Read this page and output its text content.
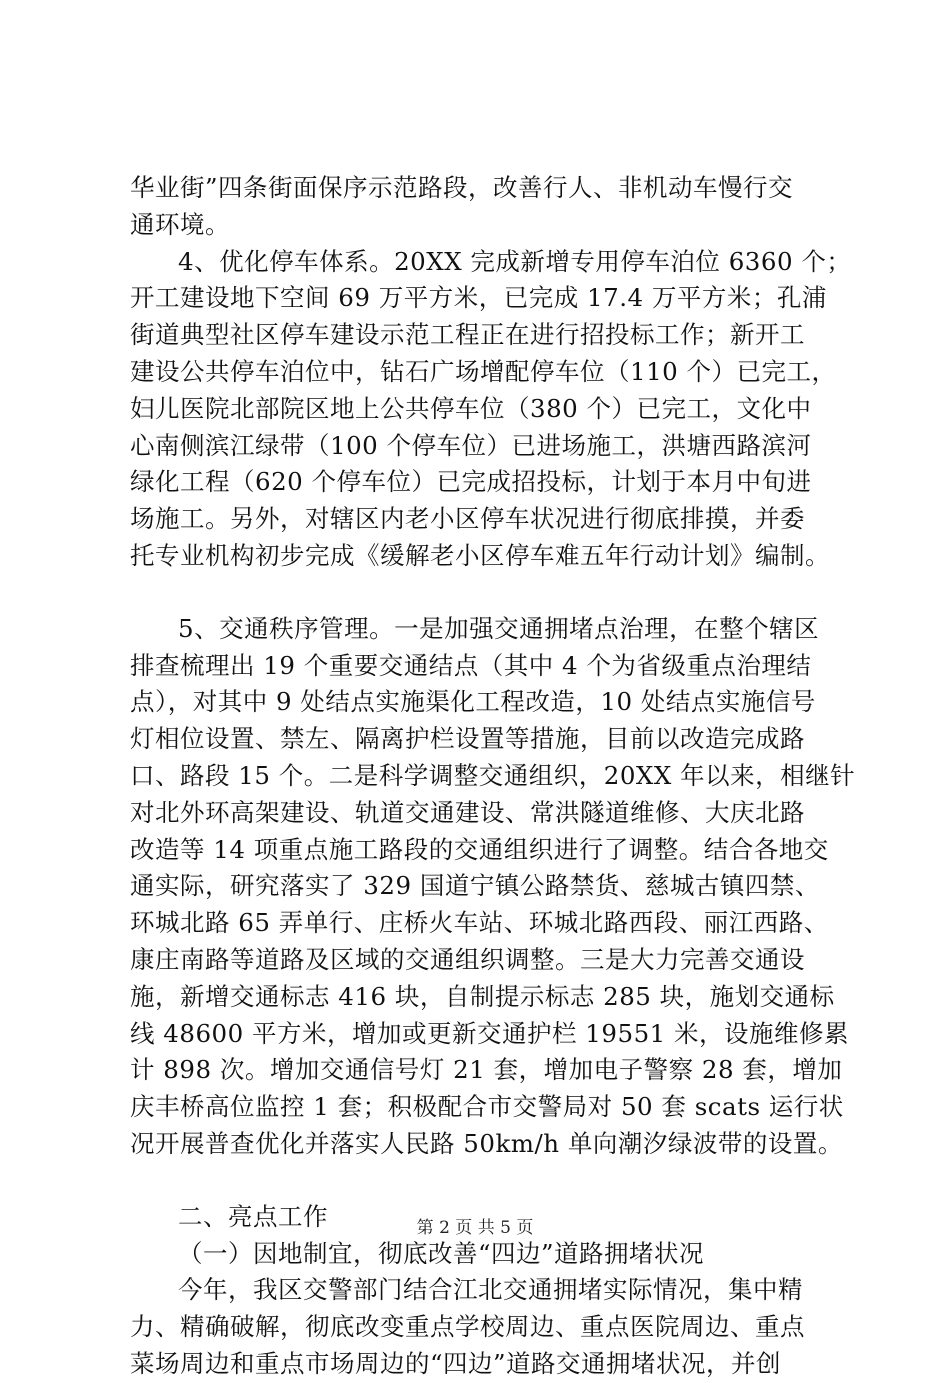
华业街”四条街面保序示范路段，改善行人、非机动车慢行交
通环境。
4、优化停车体系。20XX 完成新增专用停车泊位 6360 个；
开工建设地下空间 69 万平方米，已完成 17.4 万平方米；孔浦
街道典型社区停车建设示范工程正在进行招投标工作；新开工
建设公共停车泊位中，钻石广场增配停车位（110 个）已完工，
妇儿医院北部院区地上公共停车位（380 个）已完工，文化中
心南侧滨江绿带（100 个停车位）已进场施工，洪塘西路滨河
绿化工程（620 个停车位）已完成招投标，计划于本月中旬进
场施工。另外，对辖区内老小区停车状况进行彻底排摸，并委
托专业机构初步完成《缓解老小区停车难五年行动计划》编制。
5、交通秩序管理。一是加强交通拥堵点治理，在整个辖区
排查梳理出 19 个重要交通结点（其中 4 个为省级重点治理结
点），对其中 9 处结点实施渠化工程改造，10 处结点实施信号
灯相位设置、禁左、隔离护栏设置等措施，目前以改造完成路
口、路段 15 个。二是科学调整交通组织，20XX 年以来，相继针
对北外环高架建设、轨道交通建设、常洪隧道维修、大庆北路
改造等 14 项重点施工路段的交通组织进行了调整。结合各地交
通实际，研究落实了 329 国道宁镇公路禁货、慈城古镇四禁、
环城北路 65 弄单行、庄桥火车站、环城北路西段、丽江西路、
康庄南路等道路及区域的交通组织调整。三是大力完善交通设
施，新增交通标志 416 块，自制提示标志 285 块，施划交通标
线 48600 平方米，增加或更新交通护栏 19551 米，设施维修累
计 898 次。增加交通信号灯 21 套，增加电子警察 28 套，增加
庆丰桥高位监控 1 套；积极配合市交警局对 50 套 scats 运行状
况开展普查优化并落实人民路 50km/h 单向潮汐绿波带的设置。
二、亮点工作
（一）因地制宜，彻底改善“四边”道路拥堵状况
今年，我区交警部门结合江北交通拥堵实际情况，集中精
力、精确破解，彻底改变重点学校周边、重点医院周边、重点
菜场周边和重点市场周边的“四边”道路交通拥堵状况，并创
第 2 页 共 5 页
